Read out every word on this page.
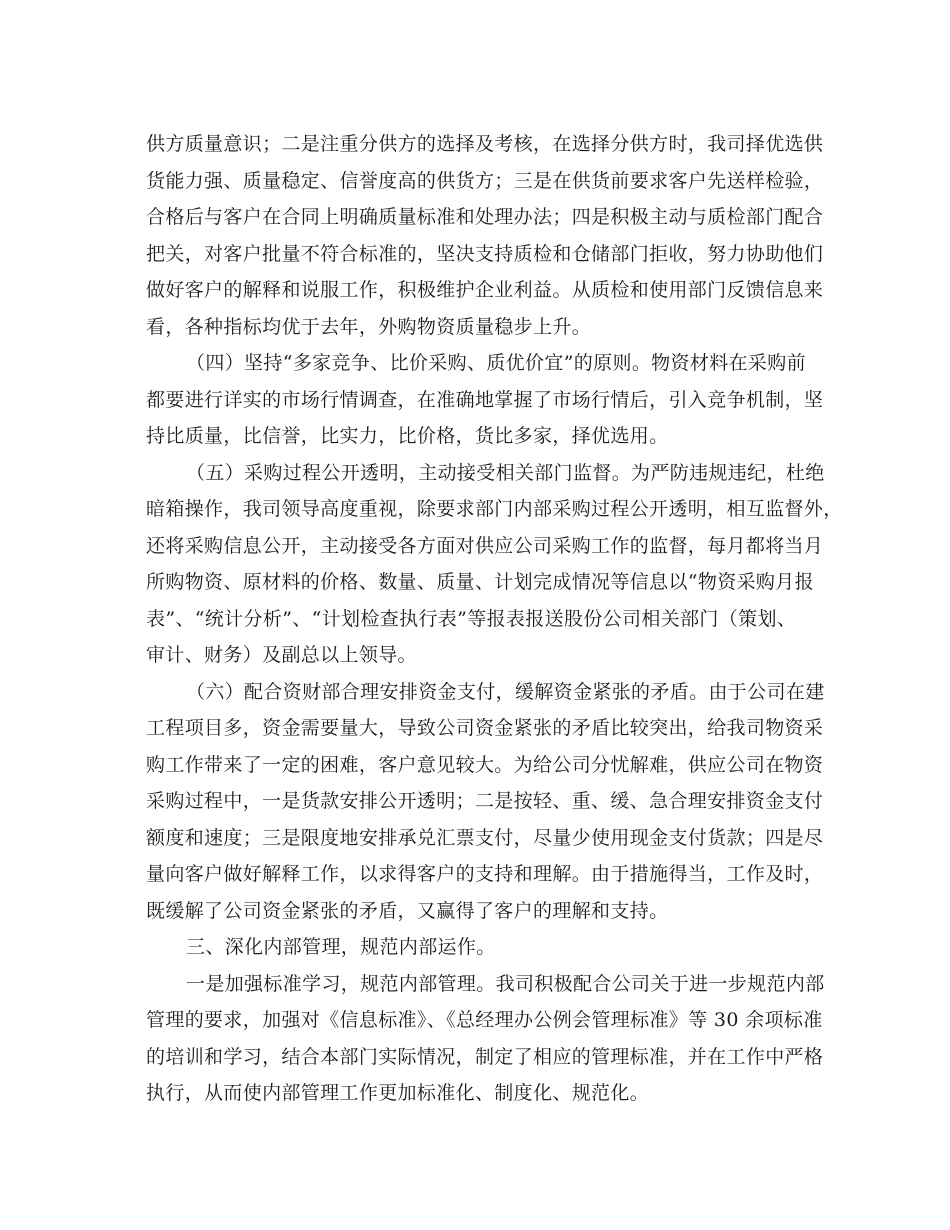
供方质量意识；二是注重分供方的选择及考核，在选择分供方时，我司择优选供
货能力强、质量稳定、信誉度高的供货方；三是在供货前要求客户先送样检验，
合格后与客户在合同上明确质量标准和处理办法；四是积极主动与质检部门配合
把关，对客户批量不符合标准的，坚决支持质检和仓储部门拒收，努力协助他们
做好客户的解释和说服工作，积极维护企业利益。从质检和使用部门反馈信息来
看，各种指标均优于去年，外购物资质量稳步上升。

（四）坚持“多家竞争、比价采购、质优价宜”的原则。物资材料在采购前
都要进行详实的市场行情调查，在准确地掌握了市场行情后，引入竞争机制，坚
持比质量，比信誉，比实力，比价格，货比多家，择优选用。

（五）采购过程公开透明，主动接受相关部门监督。为严防违规违纪，杜绝
暗箱操作，我司领导高度重视，除要求部门内部采购过程公开透明，相互监督外，
还将采购信息公开，主动接受各方面对供应公司采购工作的监督，每月都将当月
所购物资、原材料的价格、数量、质量、计划完成情况等信息以“物资采购月报
表”、“统计分析”、“计划检查执行表”等报表报送股份公司相关部门（策划、
审计、财务）及副总以上领导。

（六）配合资财部合理安排资金支付，缓解资金紧张的矛盾。由于公司在建
工程项目多，资金需要量大，导致公司资金紧张的矛盾比较突出，给我司物资采
购工作带来了一定的困难，客户意见较大。为给公司分忧解难，供应公司在物资
采购过程中，一是货款安排公开透明；二是按轻、重、缓、急合理安排资金支付
额度和速度；三是限度地安排承兑汇票支付，尽量少使用现金支付货款；四是尽
量向客户做好解释工作，以求得客户的支持和理解。由于措施得当，工作及时，
既缓解了公司资金紧张的矛盾，又赢得了客户的理解和支持。

三、深化内部管理，规范内部运作。

一是加强标准学习，规范内部管理。我司积极配合公司关于进一步规范内部
管理的要求，加强对《信息标准》、《总经理办公例会管理标准》等 30 余项标准
的培训和学习，结合本部门实际情况，制定了相应的管理标准，并在工作中严格
执行，从而使内部管理工作更加标准化、制度化、规范化。
